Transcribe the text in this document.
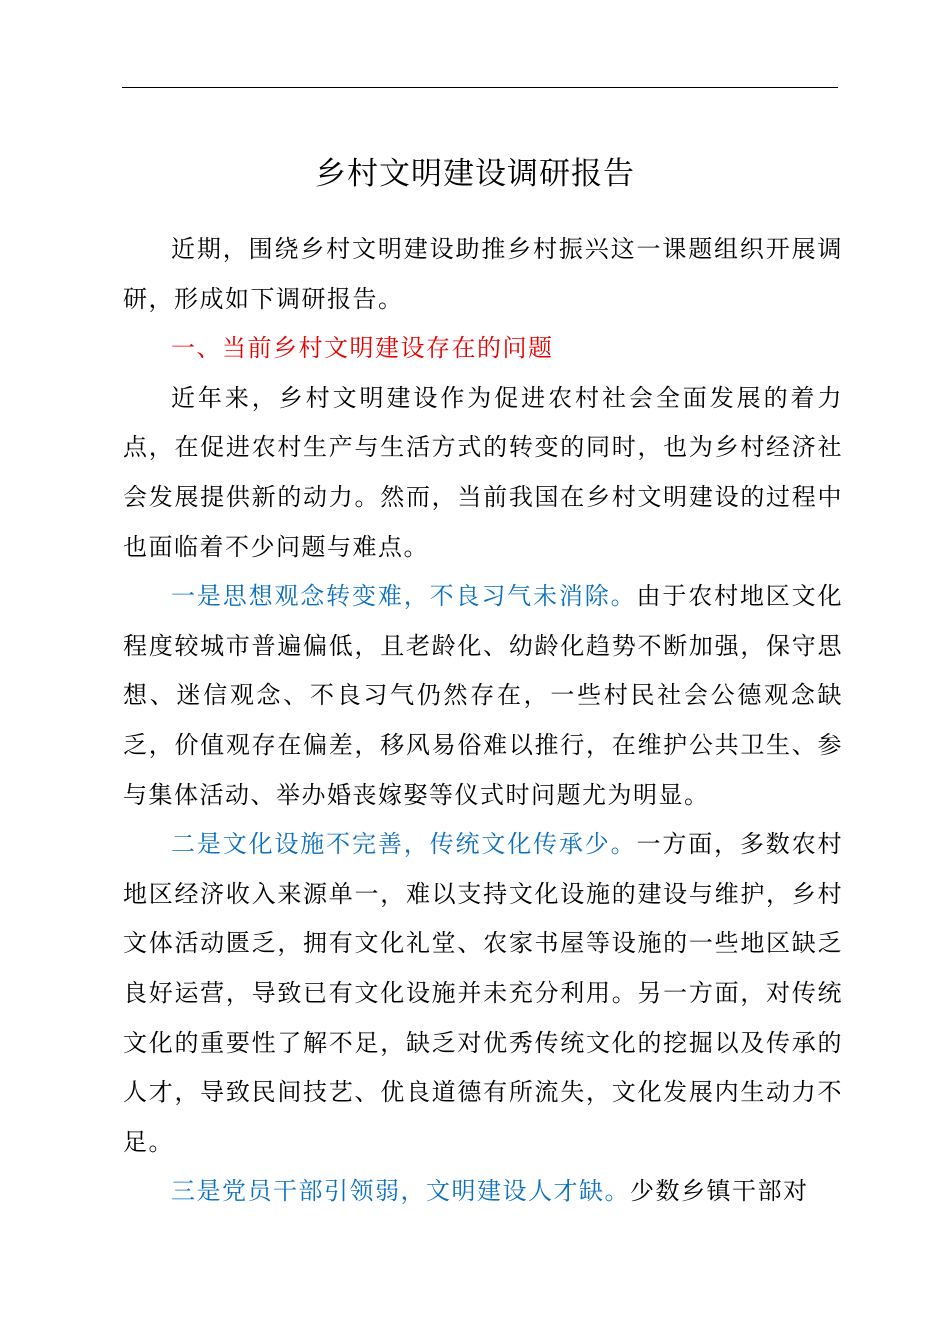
乡村文明建设调研报告

近期，围绕乡村文明建设助推乡村振兴这一课题组织开展调研，形成如下调研报告。

一、当前乡村文明建设存在的问题

近年来，乡村文明建设作为促进农村社会全面发展的着力点，在促进农村生产与生活方式的转变的同时，也为乡村经济社会发展提供新的动力。然而，当前我国在乡村文明建设的过程中也面临着不少问题与难点。

一是思想观念转变难，不良习气未消除。由于农村地区文化程度较城市普遍偏低，且老龄化、幼龄化趋势不断加强，保守思想、迷信观念、不良习气仍然存在，一些村民社会公德观念缺乏，价值观存在偏差，移风易俗难以推行，在维护公共卫生、参与集体活动、举办婚丧嫁娶等仪式时问题尤为明显。

二是文化设施不完善，传统文化传承少。一方面，多数农村地区经济收入来源单一，难以支持文化设施的建设与维护，乡村文体活动匮乏，拥有文化礼堂、农家书屋等设施的一些地区缺乏良好运营，导致已有文化设施并未充分利用。另一方面，对传统文化的重要性了解不足，缺乏对优秀传统文化的挖掘以及传承的人才，导致民间技艺、优良道德有所流失，文化发展内生动力不足。

三是党员干部引领弱，文明建设人才缺。少数乡镇干部对
